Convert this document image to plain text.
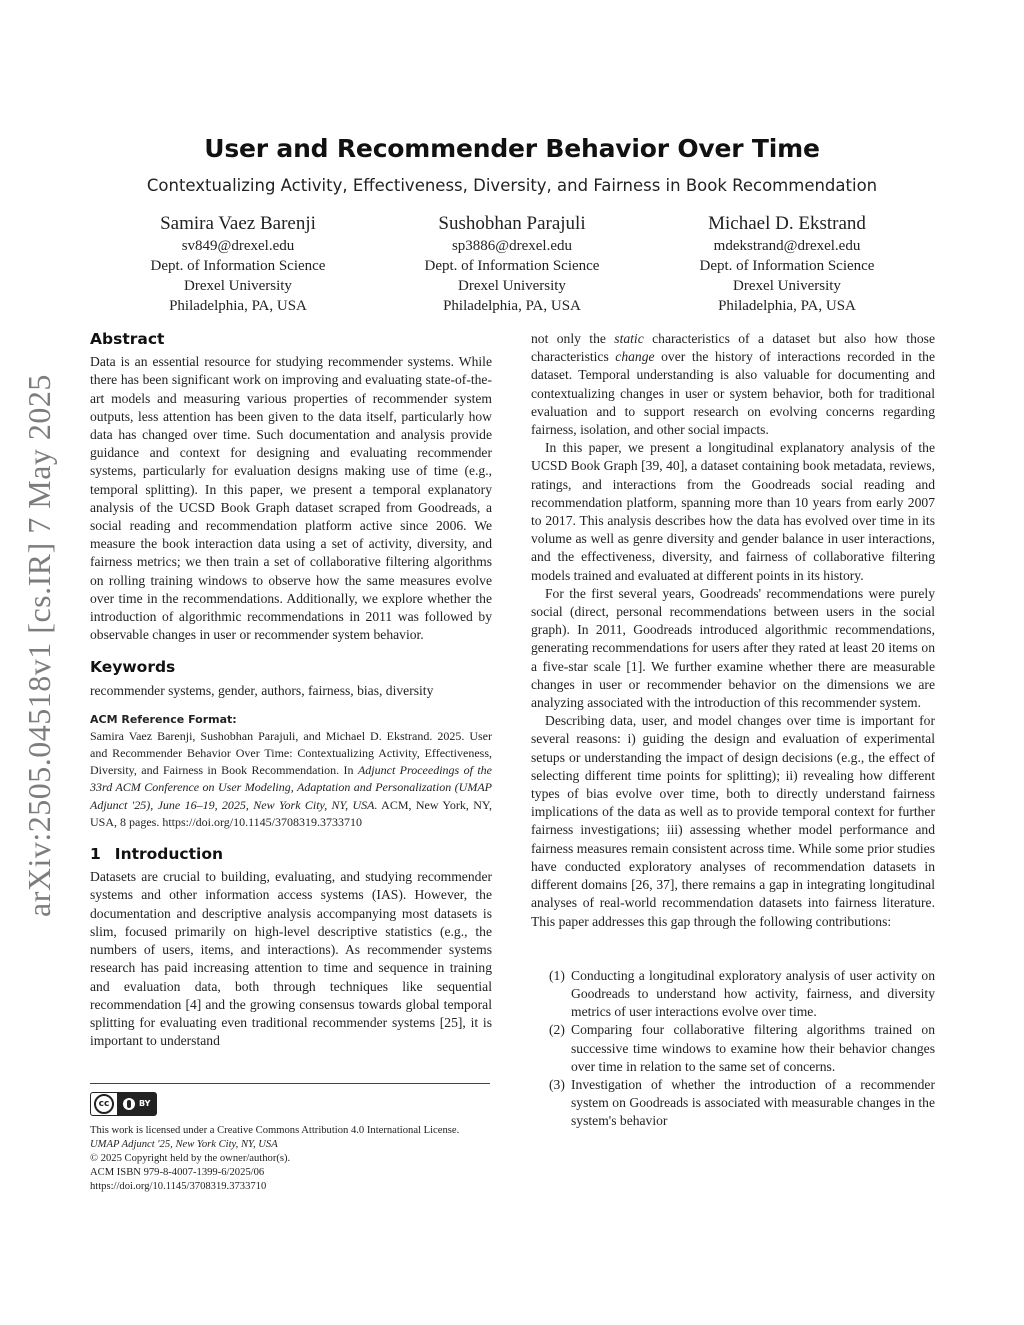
arXiv:2505.04518v1 [cs.IR] 7 May 2025
User and Recommender Behavior Over Time
Contextualizing Activity, Effectiveness, Diversity, and Fairness in Book Recommendation
Samira Vaez Barenji
sv849@drexel.edu
Dept. of Information Science
Drexel University
Philadelphia, PA, USA
Sushobhan Parajuli
sp3886@drexel.edu
Dept. of Information Science
Drexel University
Philadelphia, PA, USA
Michael D. Ekstrand
mdekstrand@drexel.edu
Dept. of Information Science
Drexel University
Philadelphia, PA, USA
Abstract

Data is an essential resource for studying recommender systems. While there has been significant work on improving and evaluating state-of-the-art models and measuring various properties of recommender system outputs, less attention has been given to the data itself, particularly how data has changed over time. Such documentation and analysis provide guidance and context for designing and evaluating recommender systems, particularly for evaluation designs making use of time (e.g., temporal splitting). In this paper, we present a temporal explanatory analysis of the UCSD Book Graph dataset scraped from Goodreads, a social reading and recommendation platform active since 2006. We measure the book interaction data using a set of activity, diversity, and fairness metrics; we then train a set of collaborative filtering algorithms on rolling training windows to observe how the same measures evolve over time in the recommendations. Additionally, we explore whether the introduction of algorithmic recommendations in 2011 was followed by observable changes in user or recommender system behavior.

Keywords

recommender systems, gender, authors, fairness, bias, diversity

ACM Reference Format:

Samira Vaez Barenji, Sushobhan Parajuli, and Michael D. Ekstrand. 2025. User and Recommender Behavior Over Time: Contextualizing Activity, Effectiveness, Diversity, and Fairness in Book Recommendation. In Adjunct Proceedings of the 33rd ACM Conference on User Modeling, Adaptation and Personalization (UMAP Adjunct '25), June 16–19, 2025, New York City, NY, USA. ACM, New York, NY, USA, 8 pages. https://doi.org/10.1145/3708319.3733710

1 Introduction

Datasets are crucial to building, evaluating, and studying recommender systems and other information access systems (IAS). However, the documentation and descriptive analysis accompanying most datasets is slim, focused primarily on high-level descriptive statistics (e.g., the numbers of users, items, and interactions). As recommender systems research has paid increasing attention to time and sequence in training and evaluation data, both through techniques like sequential recommendation [4] and the growing consensus towards global temporal splitting for evaluating even traditional recommender systems [25], it is important to understand

cc	BY
This work is licensed under a Creative Commons Attribution 4.0 International License.
UMAP Adjunct '25, New York City, NY, USA
© 2025 Copyright held by the owner/author(s).
ACM ISBN 979-8-4007-1399-6/2025/06
https://doi.org/10.1145/3708319.3733710

not only the static characteristics of a dataset but also how those characteristics change over the history of interactions recorded in the dataset. Temporal understanding is also valuable for documenting and contextualizing changes in user or system behavior, both for traditional evaluation and to support research on evolving concerns regarding fairness, isolation, and other social impacts.

In this paper, we present a longitudinal explanatory analysis of the UCSD Book Graph [39, 40], a dataset containing book metadata, reviews, ratings, and interactions from the Goodreads social reading and recommendation platform, spanning more than 10 years from early 2007 to 2017. This analysis describes how the data has evolved over time in its volume as well as genre diversity and gender balance in user interactions, and the effectiveness, diversity, and fairness of collaborative filtering models trained and evaluated at different points in its history.

For the first several years, Goodreads' recommendations were purely social (direct, personal recommendations between users in the social graph). In 2011, Goodreads introduced algorithmic recommendations, generating recommendations for users after they rated at least 20 items on a five-star scale [1]. We further examine whether there are measurable changes in user or recommender behavior on the dimensions we are analyzing associated with the introduction of this recommender system.

Describing data, user, and model changes over time is important for several reasons: i) guiding the design and evaluation of experimental setups or understanding the impact of design decisions (e.g., the effect of selecting different time points for splitting); ii) revealing how different types of bias evolve over time, both to directly understand fairness implications of the data as well as to provide temporal context for further fairness investigations; iii) assessing whether model performance and fairness measures remain consistent across time. While some prior studies have conducted exploratory analyses of recommendation datasets in different domains [26, 37], there remains a gap in integrating longitudinal analyses of real-world recommendation datasets into fairness literature. This paper addresses this gap through the following contributions:

(1) Conducting a longitudinal exploratory analysis of user activity on Goodreads to understand how activity, fairness, and diversity metrics of user interactions evolve over time.
(2) Comparing four collaborative filtering algorithms trained on successive time windows to examine how their behavior changes over time in relation to the same set of concerns.
(3) Investigation of whether the introduction of a recommender system on Goodreads is associated with measurable changes in the system's behavior
